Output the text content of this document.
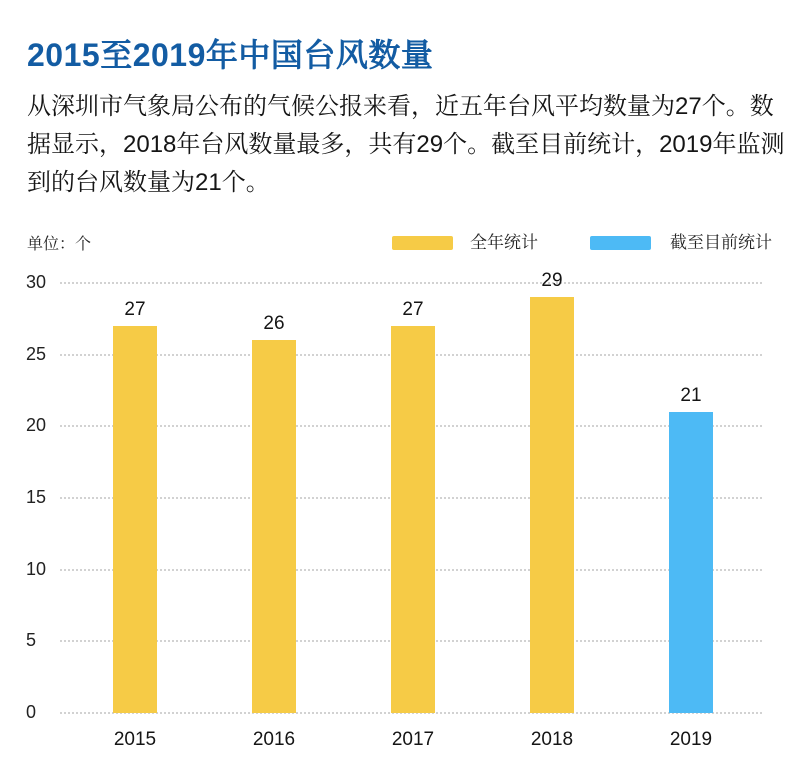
2015至2019年中国台风数量

从深圳市气象局公布的气候公报来看，近五年台风平均数量为27个。数据显示，2018年台风数量最多，共有29个。截至目前统计，2019年监测到的台风数量为21个。

单位：个	全年统计	截至目前统计
0
5
10
15
20
25
30
27
2015
26
2016
27
2017
29
2018
21
2019
